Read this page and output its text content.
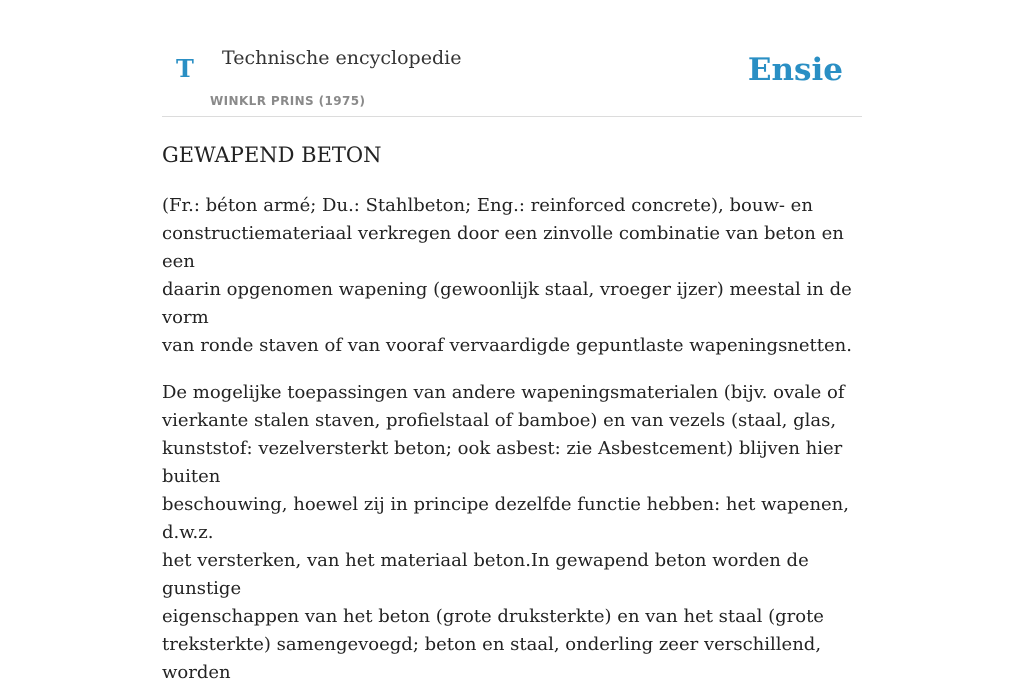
T Technische encyclopedie
WINKLR PRINS (1975)
Ensie
GEWAPEND BETON

(Fr.: béton armé; Du.: Stahlbeton; Eng.: reinforced concrete), bouw- en
constructiemateriaal verkregen door een zinvolle combinatie van beton en een
daarin opgenomen wapening (gewoonlijk staal, vroeger ijzer) meestal in de vorm
van ronde staven of van vooraf vervaardigde gepuntlaste wapeningsnetten.

De mogelijke toepassingen van andere wapeningsmaterialen (bijv. ovale of
vierkante stalen staven, profielstaal of bamboe) en van vezels (staal, glas,
kunststof: vezelversterkt beton; ook asbest: zie Asbestcement) blijven hier buiten
beschouwing, hoewel zij in principe dezelfde functie hebben: het wapenen, d.w.z.
het versterken, van het materiaal beton.In gewapend beton worden de gunstige
eigenschappen van het beton (grote druksterkte) en van het staal (grote
treksterkte) samengevoegd; beton en staal, onderling zeer verschillend, worden
